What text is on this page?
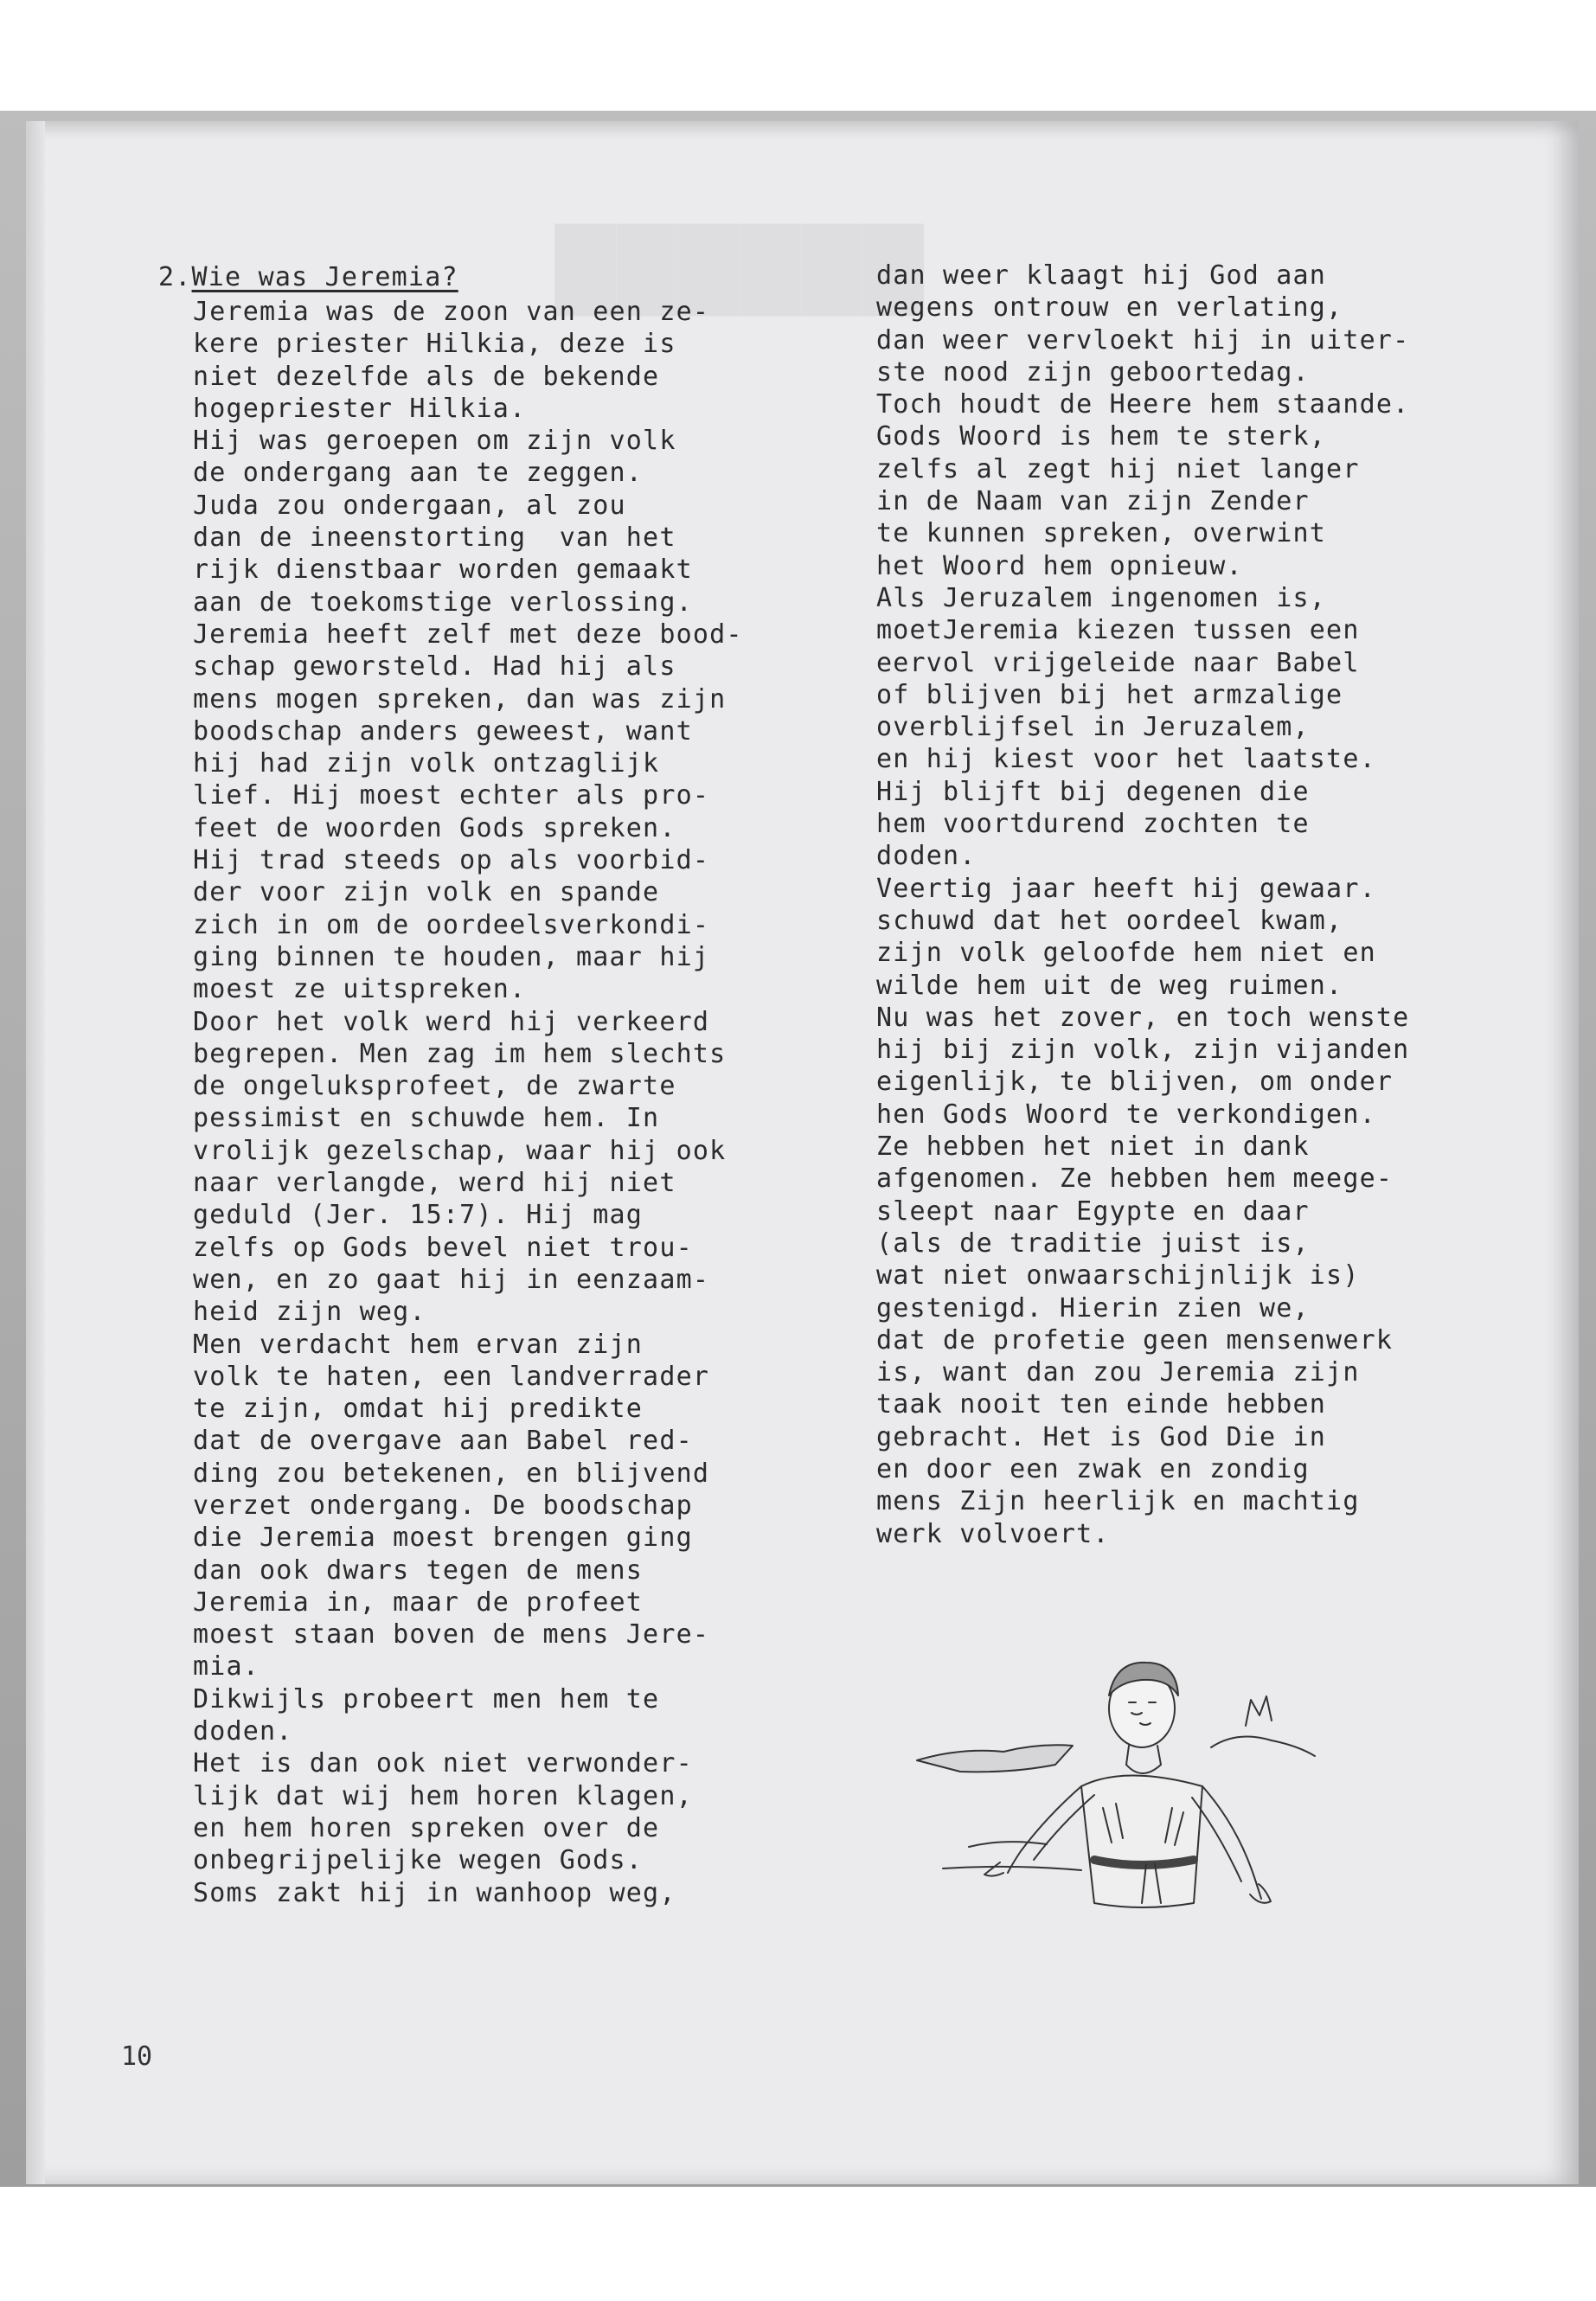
██████
2.Wie was Jeremia?
Jeremia was de zoon van een ze-
kere priester Hilkia, deze is
niet dezelfde als de bekende
hogepriester Hilkia.
Hij was geroepen om zijn volk
de ondergang aan te zeggen.
Juda zou ondergaan, al zou
dan de ineenstorting  van het
rijk dienstbaar worden gemaakt
aan de toekomstige verlossing.
Jeremia heeft zelf met deze bood-
schap geworsteld. Had hij als
mens mogen spreken, dan was zijn
boodschap anders geweest, want
hij had zijn volk ontzaglijk
lief. Hij moest echter als pro-
feet de woorden Gods spreken.
Hij trad steeds op als voorbid-
der voor zijn volk en spande
zich in om de oordeelsverkondi-
ging binnen te houden, maar hij
moest ze uitspreken.
Door het volk werd hij verkeerd
begrepen. Men zag im hem slechts
de ongeluksprofeet, de zwarte
pessimist en schuwde hem. In
vrolijk gezelschap, waar hij ook
naar verlangde, werd hij niet
geduld (Jer. 15:7). Hij mag
zelfs op Gods bevel niet trou-
wen, en zo gaat hij in eenzaam-
heid zijn weg.
Men verdacht hem ervan zijn
volk te haten, een landverrader
te zijn, omdat hij predikte
dat de overgave aan Babel red-
ding zou betekenen, en blijvend
verzet ondergang. De boodschap
die Jeremia moest brengen ging
dan ook dwars tegen de mens
Jeremia in, maar de profeet
moest staan boven de mens Jere-
mia.
Dikwijls probeert men hem te
doden.
Het is dan ook niet verwonder-
lijk dat wij hem horen klagen,
en hem horen spreken over de
onbegrijpelijke wegen Gods.
Soms zakt hij in wanhoop weg,
dan weer klaagt hij God aan
wegens ontrouw en verlating,
dan weer vervloekt hij in uiter-
ste nood zijn geboortedag.
Toch houdt de Heere hem staande.
Gods Woord is hem te sterk,
zelfs al zegt hij niet langer
in de Naam van zijn Zender
te kunnen spreken, overwint
het Woord hem opnieuw.
Als Jeruzalem ingenomen is,
moetJeremia kiezen tussen een
eervol vrijgeleide naar Babel
of blijven bij het armzalige
overblijfsel in Jeruzalem,
en hij kiest voor het laatste.
Hij blijft bij degenen die
hem voortdurend zochten te
doden.
Veertig jaar heeft hij gewaar.
schuwd dat het oordeel kwam,
zijn volk geloofde hem niet en
wilde hem uit de weg ruimen.
Nu was het zover, en toch wenste
hij bij zijn volk, zijn vijanden
eigenlijk, te blijven, om onder
hen Gods Woord te verkondigen.
Ze hebben het niet in dank
afgenomen. Ze hebben hem meege-
sleept naar Egypte en daar
(als de traditie juist is,
wat niet onwaarschijnlijk is)
gestenigd. Hierin zien we,
dat de profetie geen mensenwerk
is, want dan zou Jeremia zijn
taak nooit ten einde hebben
gebracht. Het is God Die in
en door een zwak en zondig
mens Zijn heerlijk en machtig
werk volvoert.
10
